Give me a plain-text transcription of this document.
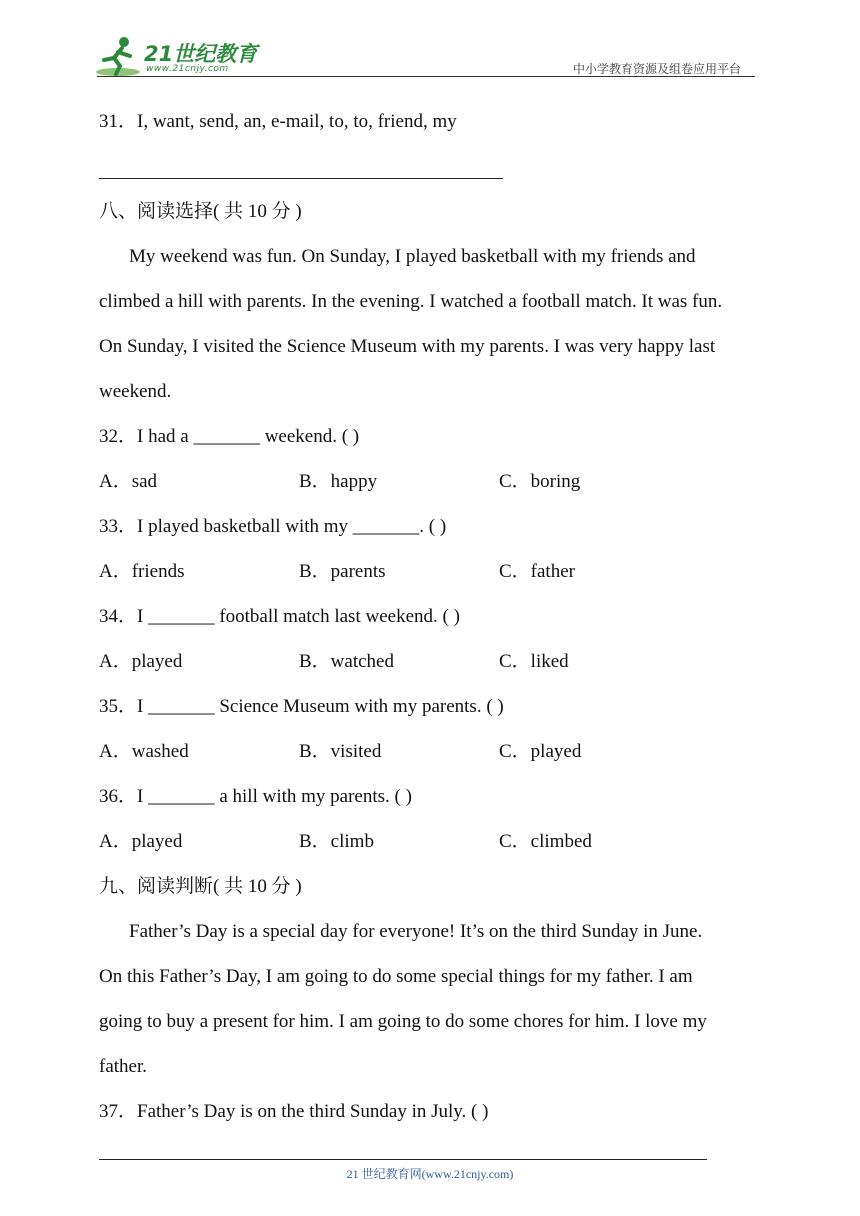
21世纪教育
www.21cnjy.com	中小学教育资源及组卷应用平台
31．I, want, send, an, e-mail, to, to, friend, my
八、阅读选择( 共 10 分 )
My weekend was fun. On Sunday, I played basketball with my friends and
climbed a hill with parents. In the evening. I watched a football match. It was fun.
On Sunday, I visited the Science Museum with my parents. I was very happy last
weekend.
32．I had a _______ weekend. ( )
A．sad	B．happy	C．boring
33．I played basketball with my _______. ( )
A．friends	B．parents	C．father
34．I _______ football match last weekend. ( )
A．played	B．watched	C．liked
35．I _______ Science Museum with my parents. ( )
A．washed	B．visited	C．played
36．I _______ a hill with my parents. ( )
A．played	B．climb	C．climbed
九、阅读判断( 共 10 分 )
Father’s Day is a special day for everyone! It’s on the third Sunday in June.
On this Father’s Day, I am going to do some special things for my father. I am
going to buy a present for him. I am going to do some chores for him. I love my
father.
37．Father’s Day is on the third Sunday in July. ( )
21 世纪教育网(www.21cnjy.com)
